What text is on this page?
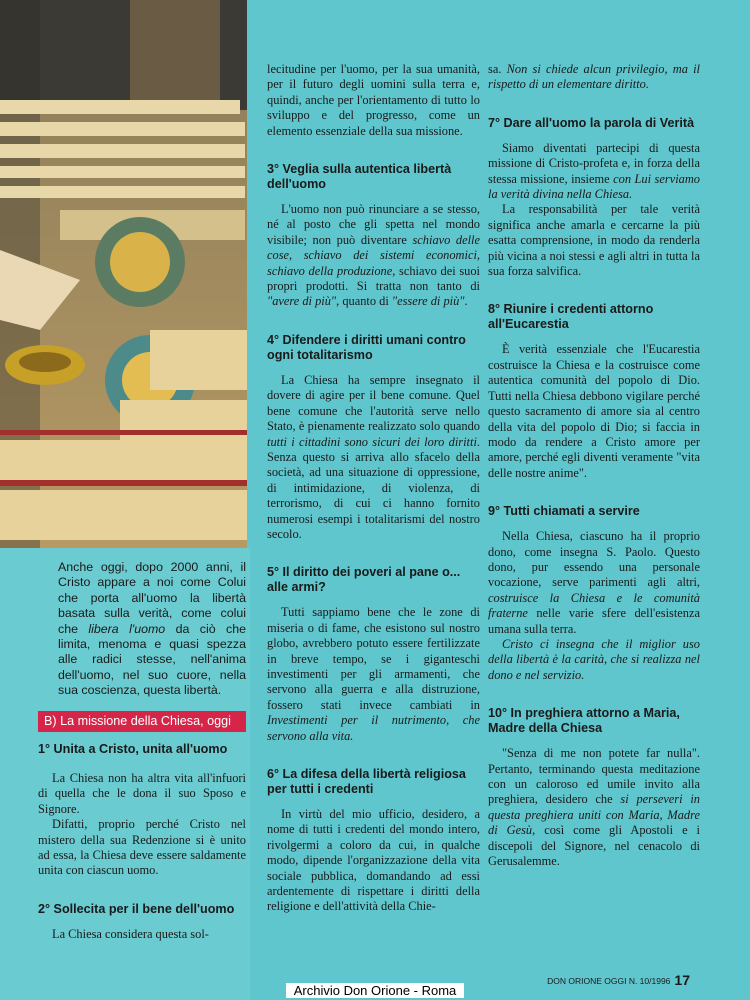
Anche oggi, dopo 2000 anni, il Cristo appare a noi come Colui che porta all'uomo la libertà basata sulla verità, come colui che libera l'uomo da ciò che limita, menoma e quasi spezza alle radici stesse, nell'anima dell'uomo, nel suo cuore, nella sua coscienza, questa libertà.

B) La missione della Chiesa, oggi
1° Unita a Cristo, unita all'uomo

La Chiesa non ha altra vita all'infuori di quella che le dona il suo Sposo e Signore.

Difatti, proprio perché Cristo nel mistero della sua Redenzione si è unito ad essa, la Chiesa deve essere saldamente unita con ciascun uomo.

2° Sollecita per il bene dell'uomo

La Chiesa considera questa sol-

lecitudine per l'uomo, per la sua umanità, per il futuro degli uomini sulla terra e, quindi, anche per l'orientamento di tutto lo sviluppo e del progresso, come un elemento essenziale della sua missione.

3° Veglia sulla autentica libertà dell'uomo

L'uomo non può rinunciare a se stesso, né al posto che gli spetta nel mondo visibile; non può diventare schiavo delle cose, schiavo dei sistemi economici, schiavo della produzione, schiavo dei suoi propri prodotti. Si tratta non tanto di "avere di più", quanto di "essere di più".

4° Difendere i diritti umani contro ogni totalitarismo

La Chiesa ha sempre insegnato il dovere di agire per il bene comune. Quel bene comune che l'autorità serve nello Stato, è pienamente realizzato solo quando tutti i cittadini sono sicuri dei loro diritti. Senza questo si arriva allo sfacelo della società, ad una situazione di oppressione, di intimidazione, di violenza, di terrorismo, di cui ci hanno fornito numerosi esempi i totalitarismi del nostro secolo.

5° Il diritto dei poveri al pane o... alle armi?

Tutti sappiamo bene che le zone di miseria o di fame, che esistono sul nostro globo, avrebbero potuto essere fertilizzate in breve tempo, se i giganteschi investimenti per gli armamenti, che servono alla guerra e alla distruzione, fossero stati invece cambiati in Investimenti per il nutrimento, che servono alla vita.

6° La difesa della libertà religiosa per tutti i credenti

In virtù del mio ufficio, desidero, a nome di tutti i credenti del mondo intero, rivolgermi a coloro da cui, in qualche modo, dipende l'organizzazione della vita sociale pubblica, domandando ad essi ardentemente di rispettare i diritti della religione e dell'attività della Chie-

sa. Non si chiede alcun privilegio, ma il rispetto di un elementare diritto.

7° Dare all'uomo la parola di Verità

Siamo diventati partecipi di questa missione di Cristo-profeta e, in forza della stessa missione, insieme con Lui serviamo la verità divina nella Chiesa.

La responsabilità per tale verità significa anche amarla e cercarne la più esatta comprensione, in modo da renderla più vicina a noi stessi e agli altri in tutta la sua forza salvifica.

8° Riunire i credenti attorno all'Eucarestia

È verità essenziale che l'Eucarestia costruisce la Chiesa e la costruisce come autentica comunità del popolo di Dio. Tutti nella Chiesa debbono vigilare perché questo sacramento di amore sia al centro della vita del popolo di Dio; si faccia in modo da rendere a Cristo amore per amore, perché egli diventi veramente "vita delle nostre anime".

9° Tutti chiamati a servire

Nella Chiesa, ciascuno ha il proprio dono, come insegna S. Paolo. Questo dono, pur essendo una personale vocazione, serve parimenti agli altri, costruisce la Chiesa e le comunità fraterne nelle varie sfere dell'esistenza umana sulla terra.

Cristo ci insegna che il miglior uso della libertà è la carità, che si realizza nel dono e nel servizio.

10° In preghiera attorno a Maria, Madre della Chiesa

"Senza di me non potete far nulla". Pertanto, terminando questa meditazione con un caloroso ed umile invito alla preghiera, desidero che si perseveri in questa preghiera uniti con Maria, Madre di Gesù, così come gli Apostoli e i discepoli del Signore, nel cenacolo di Gerusalemme.

DON ORIONE OGGI N. 10/1996 17
Archivio Don Orione - Roma
